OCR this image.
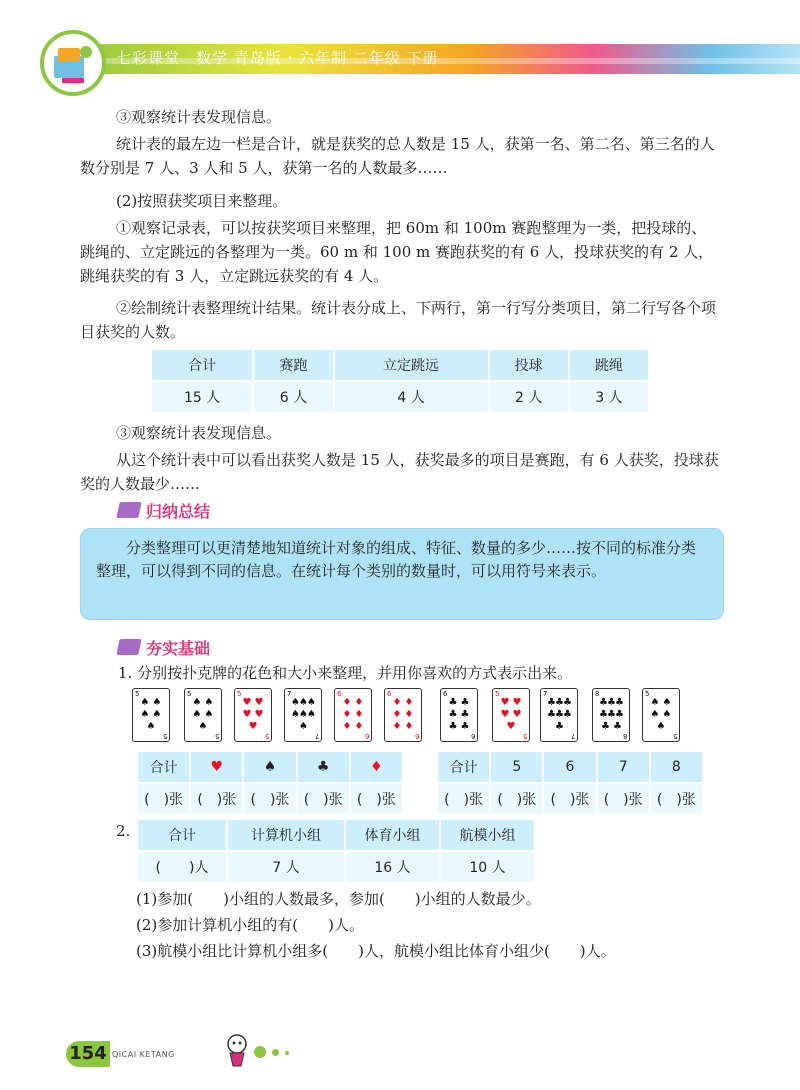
七彩课堂　数学 青岛版 · 六年制 二年级 下册
③观察统计表发现信息。
统计表的最左边一栏是合计，就是获奖的总人数是 15 人，获第一名、第二名、第三名的人数分别是 7 人、3 人和 5 人，获第一名的人数最多……
(2)按照获奖项目来整理。
①观察记录表，可以按获奖项目来整理，把 60m 和 100m 赛跑整理为一类，把投球的、跳绳的、立定跳远的各整理为一类。60 m 和 100 m 赛跑获奖的有 6 人，投球获奖的有 2 人，跳绳获奖的有 3 人，立定跳远获奖的有 4 人。
②绘制统计表整理统计结果。统计表分成上、下两行，第一行写分类项目，第二行写各个项目获奖的人数。
合计	赛跑	立定跳远	投球	跳绳
15 人	6 人	4 人	2 人	3 人
③观察统计表发现信息。
从这个统计表中可以看出获奖人数是 15 人，获奖最多的项目是赛跑，有 6 人获奖，投球获奖的人数最少……
归纳总结
分类整理可以更清楚地知道统计对象的组成、特征、数量的多少……按不同的标准分类整理，可以得到不同的信息。在统计每个类别的数量时，可以用符号来表示。
夯实基础
1. 分别按扑克牌的花色和大小来整理，并用你喜欢的方式表示出来。
5
♠ ♠
♠ ♠
♠
5
5
♠ ♠
♠ ♠
♠
5
5
♥ ♥
♥ ♥
♥
5
7
♠ ♠ ♠
♠ ♠ ♠
♠
7
6
♦ ♦
♦ ♦
♦ ♦
6
6
♦ ♦
♦ ♦
♦ ♦
6
6
♣ ♣
♣ ♣
♣ ♣
6
5
♥ ♥
♥ ♥
♥
5
7
♣ ♣ ♣
♣ ♣ ♣
♣
7
8
♣ ♣ ♣
♣ ♣ ♣
♣ ♣
8
5
♠ ♠
♠ ♠
♠
5
合计	♥	♠	♣	♦
(　)张	(　)张	(　)张	(　)张	(　)张
合计	5	6	7	8
(　)张	(　)张	(　)张	(　)张	(　)张
2.	合计	计算机小组	体育小组	航模小组
(　　)人	7 人	16 人	10 人
(1)参加(　　)小组的人数最多，参加(　　)小组的人数最少。
(2)参加计算机小组的有(　　)人。
(3)航模小组比计算机小组多(　　)人，航模小组比体育小组少(　　)人。
154 QICAI KETANG
